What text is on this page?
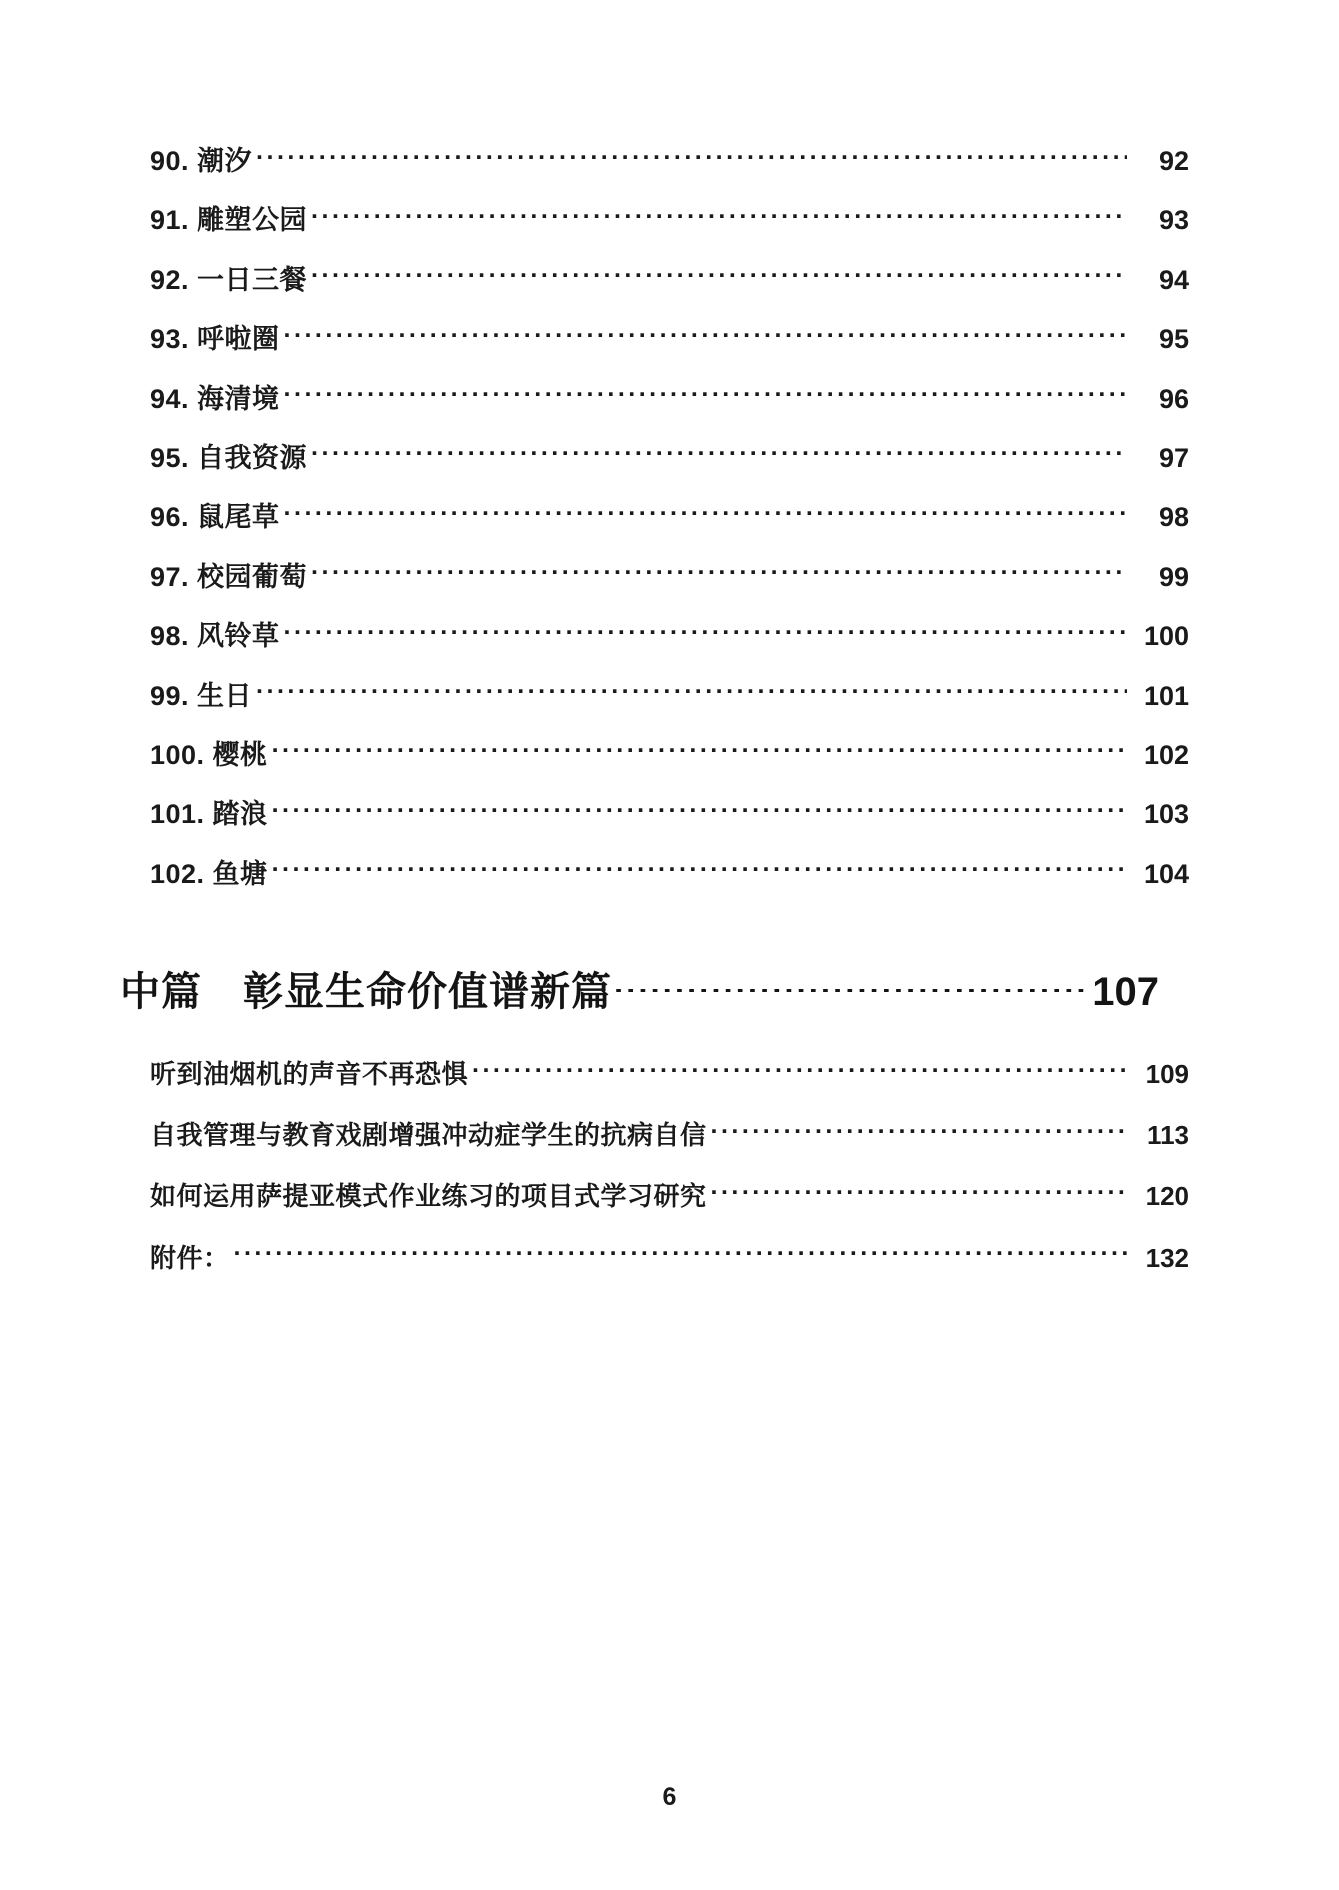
90. 潮汐 .....	92
91. 雕塑公园 .....	93
92. 一日三餐 .....	94
93. 呼啦圈 .....	95
94. 海清境 .....	96
95. 自我资源 .....	97
96. 鼠尾草 .....	98
97. 校园葡萄 .....	99
98. 风铃草 .....	100
99. 生日 .....	101
100. 樱桃 .....	102
101. 踏浪 .....	103
102. 鱼塘 .....	104
中篇　彰显生命价值谱新篇 .....	107
听到油烟机的声音不再恐惧 .....	109
自我管理与教育戏剧增强冲动症学生的抗病自信 .....	113
如何运用萨提亚模式作业练习的项目式学习研究 .....	120
附件： .....	132
6
